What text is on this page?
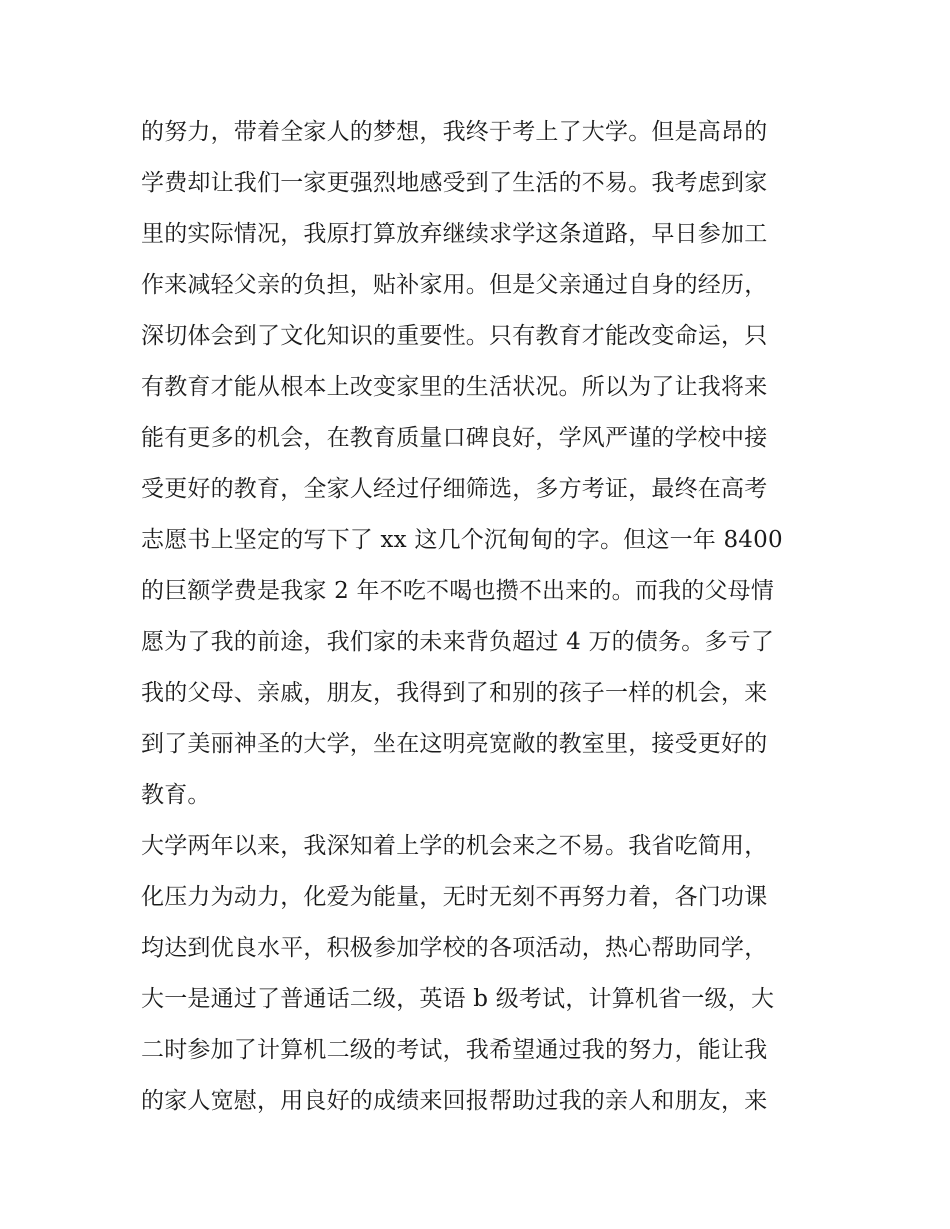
的努力，带着全家人的梦想，我终于考上了大学。但是高昂的
学费却让我们一家更强烈地感受到了生活的不易。我考虑到家
里的实际情况，我原打算放弃继续求学这条道路，早日参加工
作来减轻父亲的负担，贴补家用。但是父亲通过自身的经历，
深切体会到了文化知识的重要性。只有教育才能改变命运，只
有教育才能从根本上改变家里的生活状况。所以为了让我将来
能有更多的机会，在教育质量口碑良好，学风严谨的学校中接
受更好的教育，全家人经过仔细筛选，多方考证，最终在高考
志愿书上坚定的写下了 xx 这几个沉甸甸的字。但这一年 8400
的巨额学费是我家 2 年不吃不喝也攒不出来的。而我的父母情
愿为了我的前途，我们家的未来背负超过 4 万的债务。多亏了
我的父母、亲戚，朋友，我得到了和别的孩子一样的机会，来
到了美丽神圣的大学，坐在这明亮宽敞的教室里，接受更好的
教育。
大学两年以来，我深知着上学的机会来之不易。我省吃简用，
化压力为动力，化爱为能量，无时无刻不再努力着，各门功课
均达到优良水平，积极参加学校的各项活动，热心帮助同学，
大一是通过了普通话二级，英语 b 级考试，计算机省一级，大
二时参加了计算机二级的考试，我希望通过我的努力，能让我
的家人宽慰，用良好的成绩来回报帮助过我的亲人和朋友，来
